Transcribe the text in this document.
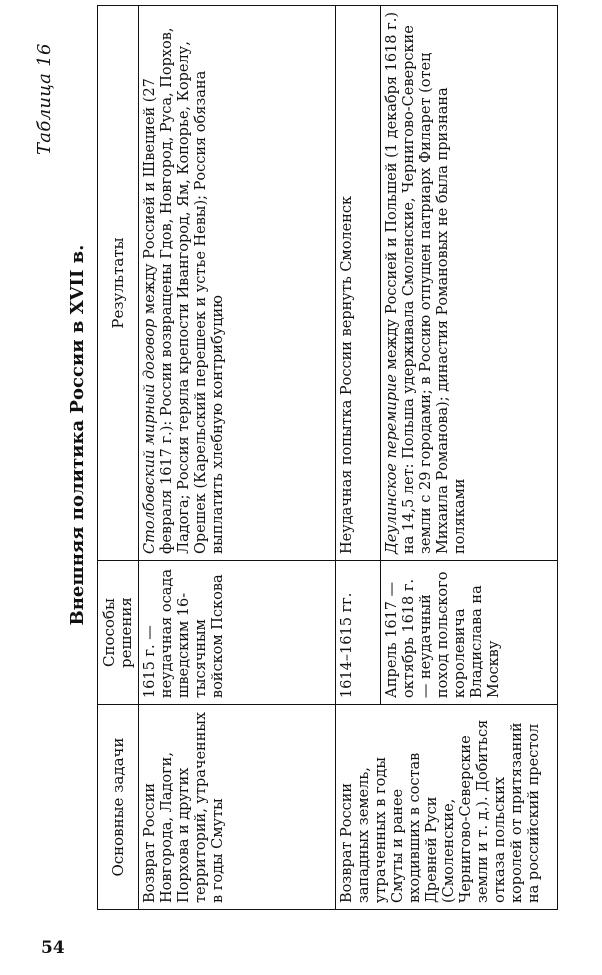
Таблица 16
Внешняя политика России в XVII в.
Основные задачи	Способы решения	Результаты
Возврат России Новгорода, Ладоги, Порхова и других территорий, утраченных в годы Смуты	1615 г. — неудачная осада шведским 16-тысячным войском Пскова	Столбовский мирный договор между Россией и Швецией (27 февраля 1617 г.): России возвращены Гдов, Новгород, Руса, Порхов, Ладога; Россия теряла крепости Ивангород, Ям, Копорье, Корелу, Орешек (Карельский перешеек и устье Невы); Россия обязана выплатить хлебную контрибуцию
Возврат России западных земель, утраченных в годы Смуты и ранее входивших в состав Древней Руси (Смоленские, Чернигово-Северские земли и т. д.). Добиться отказа польских королей от притязаний на российский престол	1614–1615 гг.	Неудачная попытка России вернуть Смоленск
	Апрель 1617 — октябрь 1618 г. — неудачный поход польского королевича Владислава на Москву	Деулинское перемирие между Россией и Польшей (1 декабря 1618 г.) на 14,5 лет: Польша удерживала Смоленские, Чернигово-Северские земли с 29 городами; в Россию отпущен патриарх Филарет (отец Михаила Романова); династия Романовых не была признана поляками
54
